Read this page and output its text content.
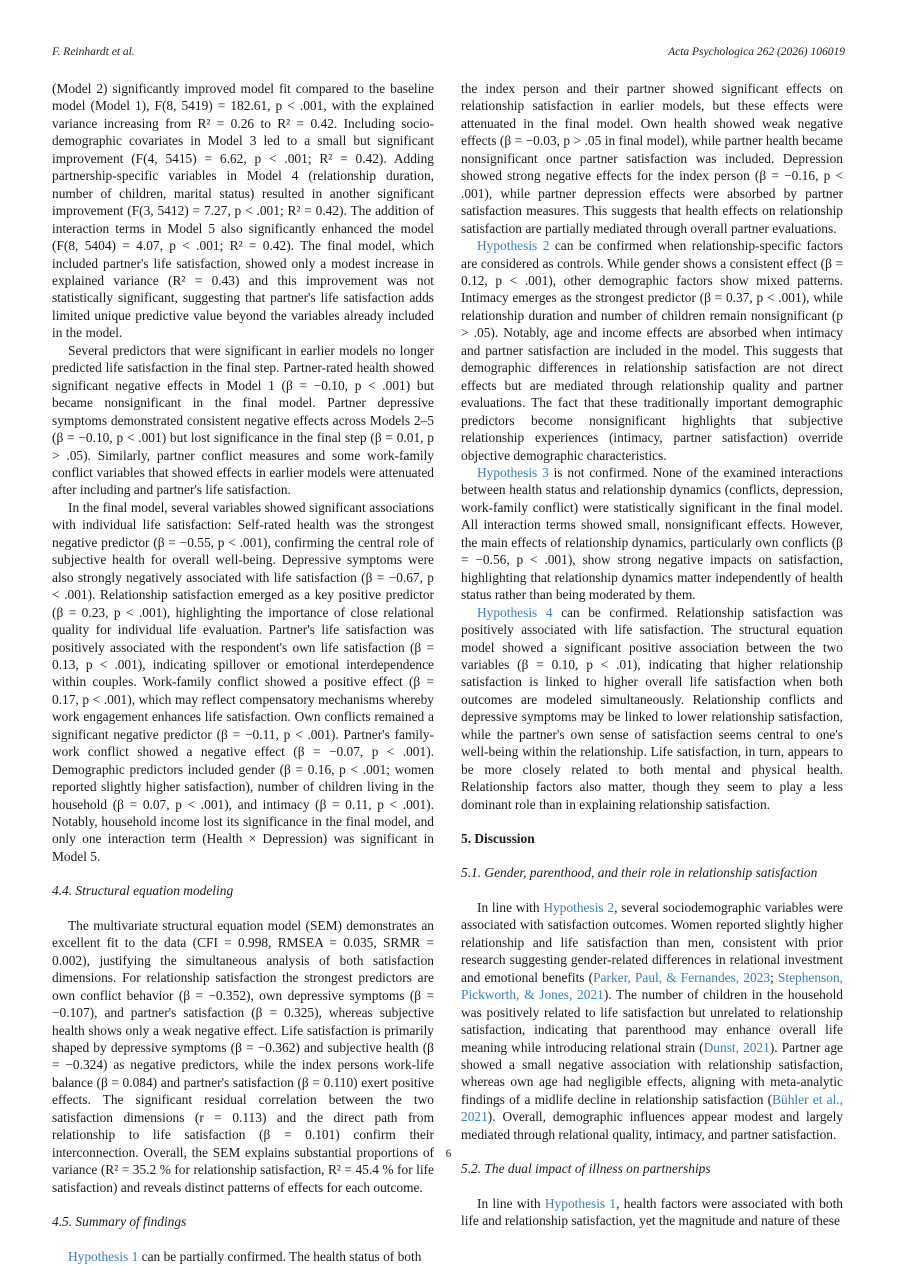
F. Reinhardt et al.	Acta Psychologica 262 (2026) 106019

(Model 2) significantly improved model fit compared to the baseline model (Model 1), F(8, 5419) = 182.61, p < .001, with the explained variance increasing from R² = 0.26 to R² = 0.42. Including socio-demographic covariates in Model 3 led to a small but significant improvement (F(4, 5415) = 6.62, p < .001; R² = 0.42). Adding partnership-specific variables in Model 4 (relationship duration, number of children, marital status) resulted in another significant improvement (F(3, 5412) = 7.27, p < .001; R² = 0.42). The addition of interaction terms in Model 5 also significantly enhanced the model (F(8, 5404) = 4.07, p < .001; R² = 0.42). The final model, which included partner's life satisfaction, showed only a modest increase in explained variance (R² = 0.43) and this improvement was not statistically significant, suggesting that partner's life satisfaction adds limited unique predictive value beyond the variables already included in the model.

Several predictors that were significant in earlier models no longer predicted life satisfaction in the final step. Partner-rated health showed significant negative effects in Model 1 (β = −0.10, p < .001) but became nonsignificant in the final model. Partner depressive symptoms demonstrated consistent negative effects across Models 2–5 (β = −0.10, p < .001) but lost significance in the final step (β = 0.01, p > .05). Similarly, partner conflict measures and some work-family conflict variables that showed effects in earlier models were attenuated after including and partner's life satisfaction.

In the final model, several variables showed significant associations with individual life satisfaction: Self-rated health was the strongest negative predictor (β = −0.55, p < .001), confirming the central role of subjective health for overall well-being. Depressive symptoms were also strongly negatively associated with life satisfaction (β = −0.67, p < .001). Relationship satisfaction emerged as a key positive predictor (β = 0.23, p < .001), highlighting the importance of close relational quality for individual life evaluation. Partner's life satisfaction was positively associated with the respondent's own life satisfaction (β = 0.13, p < .001), indicating spillover or emotional interdependence within couples. Work-family conflict showed a positive effect (β = 0.17, p < .001), which may reflect compensatory mechanisms whereby work engagement enhances life satisfaction. Own conflicts remained a significant negative predictor (β = −0.11, p < .001). Partner's family-work conflict showed a negative effect (β = −0.07, p < .001). Demographic predictors included gender (β = 0.16, p < .001; women reported slightly higher satisfaction), number of children living in the household (β = 0.07, p < .001), and intimacy (β = 0.11, p < .001). Notably, household income lost its significance in the final model, and only one interaction term (Health × Depression) was significant in Model 5.

4.4. Structural equation modeling

The multivariate structural equation model (SEM) demonstrates an excellent fit to the data (CFI = 0.998, RMSEA = 0.035, SRMR = 0.002), justifying the simultaneous analysis of both satisfaction dimensions. For relationship satisfaction the strongest predictors are own conflict behavior (β = −0.352), own depressive symptoms (β = −0.107), and partner's satisfaction (β = 0.325), whereas subjective health shows only a weak negative effect. Life satisfaction is primarily shaped by depressive symptoms (β = −0.362) and subjective health (β = −0.324) as negative predictors, while the index persons work-life balance (β = 0.084) and partner's satisfaction (β = 0.110) exert positive effects. The significant residual correlation between the two satisfaction dimensions (r = 0.113) and the direct path from relationship to life satisfaction (β = 0.101) confirm their interconnection. Overall, the SEM explains substantial proportions of variance (R² = 35.2 % for relationship satisfaction, R² = 45.4 % for life satisfaction) and reveals distinct patterns of effects for each outcome.

4.5. Summary of findings

Hypothesis 1 can be partially confirmed. The health status of both

the index person and their partner showed significant effects on relationship satisfaction in earlier models, but these effects were attenuated in the final model. Own health showed weak negative effects (β = −0.03, p > .05 in final model), while partner health became nonsignificant once partner satisfaction was included. Depression showed strong negative effects for the index person (β = −0.16, p < .001), while partner depression effects were absorbed by partner satisfaction measures. This suggests that health effects on relationship satisfaction are partially mediated through overall partner evaluations.

Hypothesis 2 can be confirmed when relationship-specific factors are considered as controls. While gender shows a consistent effect (β = 0.12, p < .001), other demographic factors show mixed patterns. Intimacy emerges as the strongest predictor (β = 0.37, p < .001), while relationship duration and number of children remain nonsignificant (p > .05). Notably, age and income effects are absorbed when intimacy and partner satisfaction are included in the model. This suggests that demographic differences in relationship satisfaction are not direct effects but are mediated through relationship quality and partner evaluations. The fact that these traditionally important demographic predictors become nonsignificant highlights that subjective relationship experiences (intimacy, partner satisfaction) override objective demographic characteristics.

Hypothesis 3 is not confirmed. None of the examined interactions between health status and relationship dynamics (conflicts, depression, work-family conflict) were statistically significant in the final model. All interaction terms showed small, nonsignificant effects. However, the main effects of relationship dynamics, particularly own conflicts (β = −0.56, p < .001), show strong negative impacts on satisfaction, highlighting that relationship dynamics matter independently of health status rather than being moderated by them.

Hypothesis 4 can be confirmed. Relationship satisfaction was positively associated with life satisfaction. The structural equation model showed a significant positive association between the two variables (β = 0.10, p < .01), indicating that higher relationship satisfaction is linked to higher overall life satisfaction when both outcomes are modeled simultaneously. Relationship conflicts and depressive symptoms may be linked to lower relationship satisfaction, while the partner's own sense of satisfaction seems central to one's well-being within the relationship. Life satisfaction, in turn, appears to be more closely related to both mental and physical health. Relationship factors also matter, though they seem to play a less dominant role than in explaining relationship satisfaction.

5. Discussion

5.1. Gender, parenthood, and their role in relationship satisfaction

In line with Hypothesis 2, several sociodemographic variables were associated with satisfaction outcomes. Women reported slightly higher relationship and life satisfaction than men, consistent with prior research suggesting gender-related differences in relational investment and emotional benefits (Parker, Paul, & Fernandes, 2023; Stephenson, Pickworth, & Jones, 2021). The number of children in the household was positively related to life satisfaction but unrelated to relationship satisfaction, indicating that parenthood may enhance overall life meaning while introducing relational strain (Dunst, 2021). Partner age showed a small negative association with relationship satisfaction, whereas own age had negligible effects, aligning with meta-analytic findings of a midlife decline in relationship satisfaction (Bühler et al., 2021). Overall, demographic influences appear modest and largely mediated through relational quality, intimacy, and partner satisfaction.

5.2. The dual impact of illness on partnerships

In line with Hypothesis 1, health factors were associated with both life and relationship satisfaction, yet the magnitude and nature of these

6
